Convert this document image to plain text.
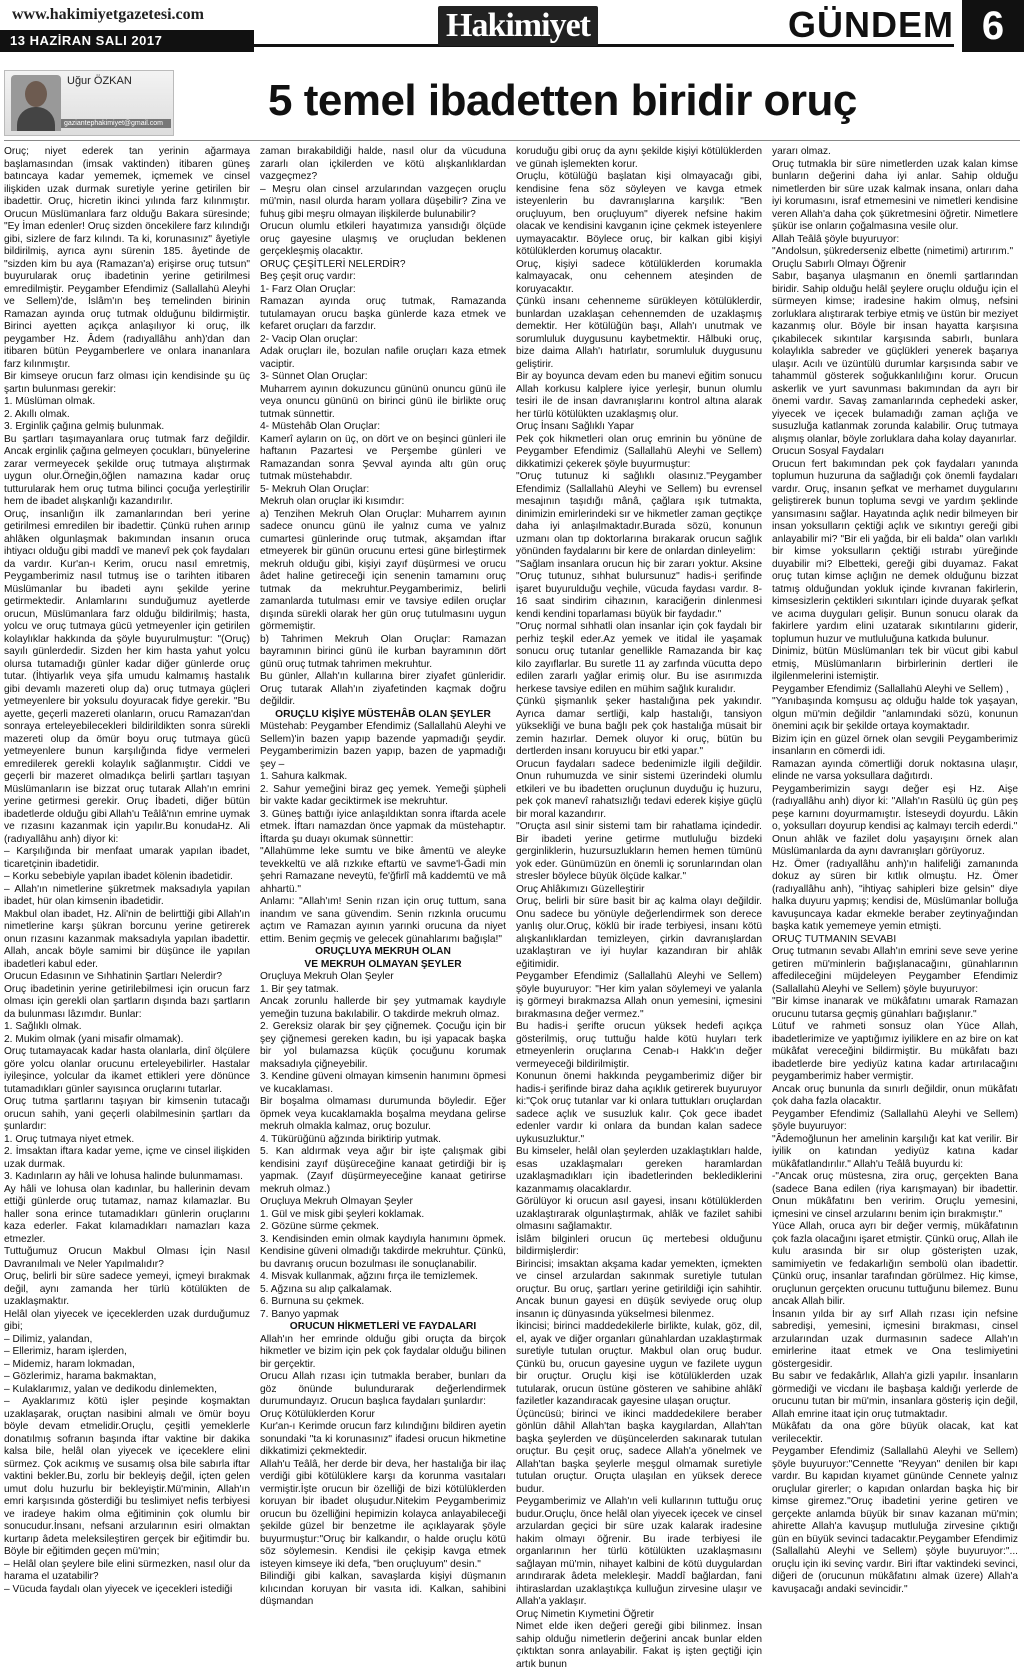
www.hakimiyetgazetesi.com
13 HAZİRAN SALI 2017	Hakimiyet	GÜNDEM 6
Uğur ÖZKAN
gaziantephakimiyet@gmail.com 5 temel ibadetten biridir oruç

Oruç; niyet ederek tan yerinin ağarmaya başlamasından (imsak vaktinden) itibaren güneş batıncaya kadar yememek, içmemek ve cinsel ilişkiden uzak durmak suretiyle yerine getirilen bir ibadettir. Oruç, hicretin ikinci yılında farz kılınmıştır. Orucun Müslümanlara farz olduğu Bakara süresinde; "Ey İman edenler! Oruç sizden öncekilere farz kılındığı gibi, sizlere de farz kılındı. Ta ki, korunasınız" âyetiyle bildirilmiş, ayrıca aynı sürenin 185. âyetinde de "sizden kim bu aya (Ramazan'a) erişirse oruç tutsun" buyurularak oruç ibadetinin yerine getirilmesi emredilmiştir. Peygamber Efendimiz (Sallallahü Aleyhi ve Sellem)'de, İslâm'ın beş temelinden birinin Ramazan ayında oruç tutmak olduğunu bildirmiştir. Birinci ayetten açıkça anlaşılıyor ki oruç, ilk peygamber Hz. Âdem (radıyallâhu anh)'dan dan itibaren bütün Peygamberlere ve onlara inananlara farz kılınmıştır.

Bir kimseye orucun farz olması için kendisinde şu üç şartın bulunması gerekir:

1. Müslüman olmak.

2. Akıllı olmak.

3. Erginlik çağına gelmiş bulunmak.

Bu şartları taşımayanlara oruç tutmak farz değildir. Ancak erginlik çağına gelmeyen çocukları, bünyelerine zarar vermeyecek şekilde oruç tutmaya alıştırmak uygun olur.Örneğin,öğlen namazına kadar oruç tutturularak hem oruç tutma bilinci çocuğa yerleştirilir hem de ibadet alışkanlığı kazandırılır.

Oruç, insanlığın ilk zamanlarından beri yerine getirilmesi emredilen bir ibadettir. Çünkü ruhen arınıp ahlâken olgunlaşmak bakımından insanın oruca ihtiyacı olduğu gibi maddî ve manevî pek çok faydaları da vardır. Kur'an-ı Kerim, orucu nasıl emretmiş, Peygamberimiz nasıl tutmuş ise o tarihten itibaren Müslümanlar bu ibadeti aynı şekilde yerine getirmektedir. Anlamlarını sunduğumuz ayetlerde orucun, Müslümanlara farz olduğu bildirilmiş; hasta, yolcu ve oruç tutmaya gücü yetmeyenler için getirilen kolaylıklar hakkında da şöyle buyurulmuştur: "(Oruç) sayılı günlerdedir. Sizden her kim hasta yahut yolcu olursa tutamadığı günler kadar diğer günlerde oruç tutar. (İhtiyarlık veya şifa umudu kalmamış hastalık gibi devamlı mazereti olup da) oruç tutmaya güçleri yetmeyenlere bir yoksulu doyuracak fidye gerekir. "Bu ayette, geçerli mazereti olanların, orucu Ramazan'dan sonraya erteleyebilecekleri bildirildikten sonra sürekli mazereti olup da ömür boyu oruç tutmaya gücü yetmeyenlere bunun karşılığında fidye vermeleri emredilerek gerekli kolaylık sağlanmıştır. Ciddi ve geçerli bir mazeret olmadıkça belirli şartları taşıyan Müslümanların ise bizzat oruç tutarak Allah'ın emrini yerine getirmesi gerekir. Oruç İbadeti, diğer bütün ibadetlerde olduğu gibi Allah'u Teâlâ'nın emrine uymak ve rızasını kazanmak için yapılır.Bu konudaHz. Ali (radıyallâhu anh) diyor ki:

– Karşılığında bir menfaat umarak yapılan ibadet, ticaretçinin ibadetidir.

– Korku sebebiyle yapılan ibadet kölenin ibadetidir.

– Allah'ın nimetlerine şükretmek maksadıyla yapılan ibadet, hür olan kimsenin ibadetidir.

Makbul olan ibadet, Hz. Ali'nin de belirttiği gibi Allah'ın nimetlerine karşı şükran borcunu yerine getirerek onun rızasını kazanmak maksadıyla yapılan ibadettir. Allah, ancak böyle samimi bir düşünce ile yapılan ibadetleri kabul eder.

Orucun Edasının ve Sıhhatinin Şartları Nelerdir?

Oruç ibadetinin yerine getirilebilmesi için orucun farz olması için gerekli olan şartların dışında bazı şartların da bulunması lâzımdır. Bunlar:

1. Sağlıklı olmak.

2. Mukim olmak (yani misafir olmamak).

Oruç tutamayacak kadar hasta olanlarla, dinî ölçülere göre yolcu olanlar orucunu erteleyebilirler. Hastalar iyileşince, yolcular da ikamet ettikleri yere dönünce tutamadıkları günler sayısınca oruçlarını tutarlar.

Oruç tutma şartlarını taşıyan bir kimsenin tutacağı orucun sahih, yani geçerli olabilmesinin şartları da şunlardır:

1. Oruç tutmaya niyet etmek.

2. İmsaktan iftara kadar yeme, içme ve cinsel ilişkiden uzak durmak.

3. Kadınların ay hâli ve lohusa halinde bulunmaması.

Ay hâli ve lohusa olan kadınlar, bu hallerinin devam ettiği günlerde oruç tutamaz, namaz kılamazlar. Bu haller sona erince tutamadıkları günlerin oruçlarını kaza ederler. Fakat kılamadıkları namazları kaza etmezler.

Tuttuğumuz Orucun Makbul Olması İçin Nasıl Davranılmalı ve Neler Yapılmalıdır?

Oruç, belirli bir süre sadece yemeyi, içmeyi bırakmak değil, aynı zamanda her türlü kötülükten de uzaklaşmaktır.

Helâl olan yiyecek ve içeceklerden uzak durduğumuz gibi;

– Dilimiz, yalandan,

– Ellerimiz, haram işlerden,

– Midemiz, haram lokmadan,

– Gözlerimiz, harama bakmaktan,

– Kulaklarımız, yalan ve dedikodu dinlemekten,

– Ayaklarımız kötü işler peşinde koşmaktan uzaklaşarak, oruçtan nasibini almalı ve ömür boyu böyle devam etmelidir.Oruçlu, çeşitli yemeklerle donatılmış sofranın başında iftar vaktine bir dakika kalsa bile, helâl olan yiyecek ve içeceklere elini sürmez. Çok acıkmış ve susamış olsa bile sabırla iftar vaktini bekler.Bu, zorlu bir bekleyiş değil, içten gelen umut dolu huzurlu bir bekleyiştir.Mü'minin, Allah'ın emri karşısında gösterdiği bu teslimiyet nefis terbiyesi ve iradeye hakim olma eğitiminin çok olumlu bir sonucudur.İnsanı, nefsani arzularının esiri olmaktan kurtarıp âdeta meleksileştiren gerçek bir eğitimdir bu. Böyle bir eğitimden geçen mü'min;

– Helâl olan şeylere bile elini sürmezken, nasıl olur da harama el uzatabilir?

– Vücuda faydalı olan yiyecek ve içecekleri istediği

zaman bırakabildiği halde, nasıl olur da vücuduna zararlı olan içkilerden ve kötü alışkanlıklardan vazgeçmez?

– Meşru olan cinsel arzularından vazgeçen oruçlu mü'min, nasıl olurda haram yollara düşebilir? Zina ve fuhuş gibi meşru olmayan ilişkilerde bulunabilir?

Orucun olumlu etkileri hayatımıza yansıdığı ölçüde oruç gayesine ulaşmış ve oruçludan beklenen gerçekleşmiş olacaktır.

ORUÇ ÇEŞİTLERİ NELERDİR?

Beş çeşit oruç vardır:

1- Farz Olan Oruçlar:

Ramazan ayında oruç tutmak, Ramazanda tutulamayan orucu başka günlerde kaza etmek ve kefaret oruçları da farzdır.

2- Vacip Olan oruçlar:

Adak oruçları ile, bozulan nafile oruçları kaza etmek vaciptir.

3- Sünnet Olan Oruçlar:

Muharrem ayının dokuzuncu gününü onuncu günü ile veya onuncu gününü on birinci günü ile birlikte oruç tutmak sünnettir.

4- Müstehâb Olan Oruçlar:

Kamerî ayların on üç, on dört ve on beşinci günleri ile haftanın Pazartesi ve Perşembe günleri ve Ramazandan sonra Şevval ayında altı gün oruç tutmak müstehabdır.

5- Mekruh Olan Oruçlar:

Mekruh olan oruçlar iki kısımdır:

a) Tenzihen Mekruh Olan Oruçlar: Muharrem ayının sadece onuncu günü ile yalnız cuma ve yalnız cumartesi günlerinde oruç tutmak, akşamdan iftar etmeyerek bir günün orucunu ertesi güne birleştirmek mekruh olduğu gibi, kişiyi zayıf düşürmesi ve orucu âdet haline getireceği için senenin tamamını oruç tutmak da mekruhtur.Peygamberimiz, belirli zamanlarda tutulması emir ve tavsiye edilen oruçlar dışında sürekli olarak her gün oruç tutulmasını uygun görmemiştir.

b) Tahrimen Mekruh Olan Oruçlar: Ramazan bayramının birinci günü ile kurban bayramının dört günü oruç tutmak tahrimen mekruhtur.

Bu günler, Allah'ın kullarına birer ziyafet günleridir. Oruç tutarak Allah'ın ziyafetinden kaçmak doğru değildir.

ORUÇLU KİŞİYE MÜSTEHÂB OLAN ŞEYLER

Müstehab: Peygamber Efendimiz (Sallallahü Aleyhi ve Sellem)'in bazen yapıp bazende yapmadığı şeydir. Peygamberimizin bazen yapıp, bazen de yapmadığı şey –

1. Sahura kalkmak.

2. Sahur yemeğini biraz geç yemek. Yemeği şüpheli bir vakte kadar geciktirmek ise mekruhtur.

3. Güneş battığı iyice anlaşıldıktan sonra iftarda acele etmek. İftarı namazdan önce yapmak da müstehaptır. İftarda şu duayı okumak sünnettir:

"Allahümme leke sumtu ve bike âmentü ve aleyke tevekkeltü ve alâ rızkıke eftartü ve savme'l-Ğadi min şehri Ramazane neveytü, fe'ğfirlî mâ kaddemtü ve mâ ahhartü."

Anlamı: "Allah'ım! Senin rızan için oruç tuttum, sana inandım ve sana güvendim. Senin rızkınla orucumu açtım ve Ramazan ayının yarınki orucuna da niyet ettim. Benim geçmiş ve gelecek günahlarımı bağışla!"

ORUÇLUYA MEKRUH OLAN

VE MEKRUH OLMAYAN ŞEYLER

Oruçluya Mekruh Olan Şeyler

1. Bir şey tatmak.

Ancak zorunlu hallerde bir şey yutmamak kaydıyle yemeğin tuzuna bakılabilir. O takdirde mekruh olmaz.

2. Gereksiz olarak bir şey çiğnemek. Çocuğu için bir şey çiğnemesi gereken kadın, bu işi yapacak başka bir yol bulamazsa küçük çocuğunu korumak maksadıyla çiğneyebilir.

3. Kendine güveni olmayan kimsenin hanımını öpmesi ve kucaklaması.

Bir boşalma olmaması durumunda böyledir. Eğer öpmek veya kucaklamakla boşalma meydana gelirse mekruh olmakla kalmaz, oruç bozulur.

4. Tükürüğünü ağzında biriktirip yutmak.

5. Kan aldırmak veya ağır bir işte çalışmak gibi kendisini zayıf düşüreceğine kanaat getirdiği bir iş yapmak. (Zayıf düşürmeyeceğine kanaat getirirse mekruh olmaz.)

Oruçluya Mekruh Olmayan Şeyler

1. Gül ve misk gibi şeyleri koklamak.

2. Gözüne sürme çekmek.

3. Kendisinden emin olmak kaydıyla hanımını öpmek. Kendisine güveni olmadığı takdirde mekruhtur. Çünkü, bu davranış orucun bozulması ile sonuçlanabilir.

4. Misvak kullanmak, ağzını fırça ile temizlemek.

5. Ağzına su alıp çalkalamak.

6. Burnuna su çekmek.

7. Banyo yapmak

ORUCUN HİKMETLERİ VE FAYDALARI

Allah'ın her emrinde olduğu gibi oruçta da birçok hikmetler ve bizim için pek çok faydalar olduğu bilinen bir gerçektir.

Orucu Allah rızası için tutmakla beraber, bunları da göz önünde bulundurarak değerlendirmek durumundayız. Orucun başlıca faydaları şunlardır:

Oruç Kötülüklerden Korur

Kur'an-ı Kerimde orucun farz kılındığını bildiren ayetin sonundaki "ta ki korunasınız" ifadesi orucun hikmetine dikkatimizi çekmektedir.

Allah'u Teâlâ, her derde bir deva, her hastalığa bir ilaç verdiği gibi kötülüklere karşı da korunma vasıtaları vermiştir.İşte orucun bir özelliği de bizi kötülüklerden koruyan bir ibadet oluşudur.Nitekim Peygamberimiz orucun bu özelliğini hepimizin kolayca anlayabileceği şekilde güzel bir benzetme ile açıklayarak şöyle buyurmuştur:"Oruç bir kalkandır, o halde oruçlu kötü söz söylemesin. Kendisi ile çekişip kavga etmek isteyen kimseye iki defa, "ben oruçluyum" desin."

Bilindiği gibi kalkan, savaşlarda kişiyi düşmanın kılıcından koruyan bir vasıta idi. Kalkan, sahibini düşmandan

koruduğu gibi oruç da aynı şekilde kişiyi kötülüklerden ve günah işlemekten korur.

Oruçlu, kötülüğü başlatan kişi olmayacağı gibi, kendisine fena söz söyleyen ve kavga etmek isteyenlerin bu davranışlarına karşılık: "Ben oruçluyum, ben oruçluyum" diyerek nefsine hakim olacak ve kendisini kavganın içine çekmek isteyenlere uymayacaktır. Böylece oruç, bir kalkan gibi kişiyi kötülüklerden korumuş olacaktır.

Oruç, kişiyi sadece kötülüklerden korumakla kalmayacak, onu cehennem ateşinden de koruyacaktır.

Çünkü insanı cehenneme sürükleyen kötülüklerdir, bunlardan uzaklaşan cehennemden de uzaklaşmış demektir. Her kötülüğün başı, Allah'ı unutmak ve sorumluluk duygusunu kaybetmektir. Hâlbuki oruç, bize daima Allah'ı hatırlatır, sorumluluk duygusunu geliştirir.

Bir ay boyunca devam eden bu manevi eğitim sonucu Allah korkusu kalplere iyice yerleşir, bunun olumlu tesiri ile de insan davranışlarını kontrol altına alarak her türlü kötülükten uzaklaşmış olur.

Oruç İnsanı Sağlıklı Yapar

Pek çok hikmetleri olan oruç emrinin bu yönüne de Peygamber Efendimiz (Sallallahü Aleyhi ve Sellem) dikkatimizi çekerek şöyle buyurmuştur:

"Oruç tutunuz ki sağlıklı olasınız."Peygamber Efendimiz (Sallallahü Aleyhi ve Sellem) bu evrensel mesajının taşıdığı mânâ, çağlara ışık tutmakta, dinimizin emirlerindeki sır ve hikmetler zaman geçtikçe daha iyi anlaşılmaktadır.Burada sözü, konunun uzmanı olan tıp doktorlarına bırakarak orucun sağlık yönünden faydalarını bir kere de onlardan dinleyelim:

"Sağlam insanlara orucun hiç bir zararı yoktur. Aksine "Oruç tutunuz, sıhhat bulursunuz" hadis-i şerifinde işaret buyurulduğu veçhile, vücuda faydası vardır. 8-16 saat sindirim cihazının, karaciğerin dinlenmesi kendi kendini toparlaması büyük bir faydadır."

"Oruç normal sıhhatli olan insanlar için çok faydalı bir perhiz teşkil eder.Az yemek ve itidal ile yaşamak sonucu oruç tutanlar genellikle Ramazanda bir kaç kilo zayıflarlar. Bu suretle 11 ay zarfında vücutta depo edilen zararlı yağlar erimiş olur. Bu ise asırımızda herkese tavsiye edilen en mühim sağlık kuralıdır.

Çünkü şişmanlık şeker hastalığına pek yakındır. Ayrıca damar sertliği, kalp hastalığı, tansiyon yüksekliği ve buna bağlı pek çok hastalığa müsait bir zemin hazırlar. Demek oluyor ki oruç, bütün bu dertlerden insanı koruyucu bir etki yapar."

Orucun faydaları sadece bedenimizle ilgili değildir. Onun ruhumuzda ve sinir sistemi üzerindeki olumlu etkileri ve bu ibadetten oruçlunun duyduğu iç huzuru, pek çok manevî rahatsızlığı tedavi ederek kişiye güçlü bir moral kazandırır.

"Oruçta asıl sinir sistemi tam bir rahatlama içindedir. Bir ibadeti yerine getirme mutluluğu bizdeki gerginliklerin, huzursuzlukların hemen hemen tümünü yok eder. Günümüzün en önemli iç sorunlarından olan stresler böylece büyük ölçüde kalkar."

Oruç Ahlâkımızı Güzelleştirir

Oruç, belirli bir süre basit bir aç kalma olayı değildir. Onu sadece bu yönüyle değerlendirmek son derece yanlış olur.Oruç, köklü bir irade terbiyesi, insanı kötü alışkanlıklardan temizleyen, çirkin davranışlardan uzaklaştıran ve iyi huylar kazandıran bir ahlâk eğitimidir.

Peygamber Efendimiz (Sallallahü Aleyhi ve Sellem) şöyle buyuruyor: "Her kim yalan söylemeyi ve yalanla iş görmeyi bırakmazsa Allah onun yemesini, içmesini bırakmasına değer vermez."

Bu hadis-i şerifte orucun yüksek hedefi açıkça gösterilmiş, oruç tuttuğu halde kötü huyları terk etmeyenlerin oruçlarına Cenab-ı Hakk'ın değer vermeyeceği bildirilmiştir.

Konunun önemi hakkında peygamberimiz diğer bir hadis-i şerifinde biraz daha açıklık getirerek buyuruyor ki:"Çok oruç tutanlar var ki onlara tuttukları oruçlardan sadece açlık ve susuzluk kalır. Çok gece ibadet edenler vardır ki onlara da bundan kalan sadece uykusuzluktur."

Bu kimseler, helâl olan şeylerden uzaklaştıkları halde, esas uzaklaşmaları gereken haramlardan uzaklaşmadıkları için ibadetlerinden beklediklerini kazanmamış olacaklardır.

Görülüyor ki orucun asıl gayesi, insanı kötülüklerden uzaklaştırarak olgunlaştırmak, ahlâk ve fazilet sahibi olmasını sağlamaktır.

İslâm bilginleri orucun üç mertebesi olduğunu bildirmişlerdir:

Birincisi; imsaktan akşama kadar yemekten, içmekten ve cinsel arzulardan sakınmak suretiyle tutulan oruçtur. Bu oruç, şartları yerine getirildiği için sahihtir. Ancak bunun gayesi en düşük seviyede oruç olup insanın iç dünyasında yükselmesi bilenmez.

İkincisi; birinci maddedekilerle birlikte, kulak, göz, dil, el, ayak ve diğer organları günahlardan uzaklaştırmak suretiyle tutulan oruçtur. Makbul olan oruç budur. Çünkü bu, orucun gayesine uygun ve fazilete uygun bir oruçtur. Oruçlu kişi ise kötülüklerden uzak tutularak, orucun üstüne gösteren ve sahibine ahlâkî faziletler kazandıracak gayesine ulaşan oruçtur.

Üçüncüsü; birinci ve ikinci maddedekilere beraber gönlün dâhil Allah'tan başka kaygılardan, Allah'tan başka şeylerden ve düşüncelerden sakınarak tutulan oruçtur. Bu çeşit oruç, sadece Allah'a yönelmek ve Allah'tan başka şeylerle meşgul olmamak suretiyle tutulan oruçtur. Oruçta ulaşılan en yüksek derece budur.

Peygamberimiz ve Allah'ın veli kullarının tuttuğu oruç budur.Oruçlu, önce helâl olan yiyecek içecek ve cinsel arzulardan geçici bir süre uzak kalarak iradesine hakim olmayı öğrenir. Bu irade terbiyesi ile organlarının her türlü kötülükten uzaklaşmasını sağlayan mü'min, nihayet kalbini de kötü duygulardan arındırarak âdeta melekleşir. Maddî bağlardan, fani ihtiraslardan uzaklaştıkça kulluğun zirvesine ulaşır ve Allah'a yaklaşır.

Oruç Nimetin Kıymetini Öğretir

Nimet elde iken değeri gereği gibi bilinmez. İnsan sahip olduğu nimetlerin değerini ancak bunlar elden çıktıktan sonra anlayabilir. Fakat iş işten geçtiği için artık bunun

yararı olmaz.

Oruç tutmakla bir süre nimetlerden uzak kalan kimse bunların değerini daha iyi anlar. Sahip olduğu nimetlerden bir süre uzak kalmak insana, onları daha iyi korumasını, israf etmemesini ve nimetleri kendisine veren Allah'a daha çok şükretmesini öğretir. Nimetlere şükür ise onların çoğalmasına vesile olur.

Allah Teâlâ şöyle buyuruyor:

"Andolsun, şükrederseniz elbette (nimetimi) artırırım."

Oruçlu Sabırlı Olmayı Öğrenir

Sabır, başanya ulaşmanın en önemli şartlarından biridir. Sahip olduğu helâl şeylere oruçlu olduğu için el sürmeyen kimse; iradesine hakim olmuş, nefsini zorluklara alıştırarak terbiye etmiş ve üstün bir meziyet kazanmış olur. Böyle bir insan hayatta karşısına çıkabilecek sıkıntılar karşısında sabırlı, bunlara kolaylıkla sabreder ve güçlükleri yenerek başarıya ulaşır. Acılı ve üzüntülü durumlar karşısında sabır ve tahammül gösterek soğukkanlılığını korur. Orucun askerlik ve yurt savunması bakımından da ayrı bir önemi vardır. Savaş zamanlarında cephedeki asker, yiyecek ve içecek bulamadığı zaman açlığa ve susuzluğa katlanmak zorunda kalabilir. Oruç tutmaya alışmış olanlar, böyle zorluklara daha kolay dayanırlar.

Orucun Sosyal Faydaları

Orucun fert bakımından pek çok faydaları yanında toplumun huzuruna da sağladığı çok önemli faydaları vardır. Oruç, insanın şefkat ve merhamet duygularını geliştirerek bunun topluma sevgi ve yardım şeklinde yansımasını sağlar. Hayatında açlık nedir bilmeyen bir insan yoksulların çektiği açlık ve sıkıntıyı gereği gibi anlayabilir mi? "Bir eli yağda, bir eli balda" olan varlıklı bir kimse yoksulların çektiği ıstırabı yüreğinde duyabilir mi? Elbetteki, gereği gibi duyamaz. Fakat oruç tutan kimse açlığın ne demek olduğunu bizzat tatmış olduğundan yokluk içinde kıvranan fakirlerin, kimsesizlerin çektikleri sıkıntıları içinde duyarak şefkat ve acıma duyguları gelişir. Bunun sonucu olarak da fakirlere yardım elini uzatarak sıkıntılarını giderir, toplumun huzur ve mutluluğuna katkıda bulunur.

Dinimiz, bütün Müslümanları tek bir vücut gibi kabul etmiş, Müslümanların birbirlerinin dertleri ile ilgilenmelerini istemiştir.

Peygamber Efendimiz (Sallallahü Aleyhi ve Sellem) ,

"Yanıbaşında komşusu aç olduğu halde tok yaşayan, olgun mü'min değildir "anlamındaki sözü, konunun önemini açık bir şekilde ortaya koymaktadır.

Bizim için en güzel örnek olan sevgili Peygamberimiz insanların en cömerdi idi.

Ramazan ayında cömertliği doruk noktasına ulaşır, elinde ne varsa yoksullara dağıtırdı.

Peygamberimizin saygı değer eşi Hz. Aişe (radıyallâhu anh) diyor ki: "Allah'ın Rasülü üç gün peş peşe karnını doyurmamıştır. İsteseydi doyurdu. Lâkin o, yoksulları doyurup kendisi aç kalmayı tercih ederdi."

Onun ahlâk ve fazilet dolu yaşayışını örnek alan Müslümanlarda da aynı davranışları görüyoruz.

Hz. Ömer (radıyallâhu anh)'ın halifeliği zamanında dokuz ay süren bir kıtlık olmuştu. Hz. Ömer (radıyallâhu anh), "ihtiyaç sahipleri bize gelsin" diye halka duyuru yapmış; kendisi de, Müslümanlar bolluğa kavuşuncaya kadar ekmekle beraber zeytinyağından başka katık yememeye yemin etmişti.

ORUÇ TUTMANIN SEVABI

Oruç tutmanın sevabı Allah'ın emrini seve seve yerine getiren mü'minlerin bağışlanacağını, günahlarının affedileceğini müjdeleyen Peygamber Efendimiz (Sallallahü Aleyhi ve Sellem) şöyle buyuruyor:

"Bir kimse inanarak ve mükâfatını umarak Ramazan orucunu tutarsa geçmiş günahları bağışlanır."

Lütuf ve rahmeti sonsuz olan Yüce Allah, ibadetlerimize ve yaptığımız iyiliklere en az bire on kat mükâfat vereceğini bildirmiştir. Bu mükâfatı bazı ibadetlerde bire yediyüz katına kadar artırılacağını peygamberimiz haber vermiştir.

Ancak oruç bununla da sınırlı değildir, onun mükâfatı çok daha fazla olacaktır.

Peygamber Efendimiz (Sallallahü Aleyhi ve Sellem) şöyle buyuruyor:

"Âdemoğlunun her amelinin karşılığı kat kat verilir. Bir iyilik on katından yediyüz katına kadar mükâfatlandırılır." Allah'u Teâlâ buyurdu ki:

-"Ancak oruç müstesna, zira oruç, gerçekten Bana (sadece Bana edilen (riya karışmayan) bir ibadettir. Onun mükâfatını ben veririm. Oruçlu yemesini, içmesini ve cinsel arzularını benim için bırakmıştır."

Yüce Allah, oruca ayrı bir değer vermiş, mükâfatının çok fazla olacağını işaret etmiştir. Çünkü oruç, Allah ile kulu arasında bir sır olup gösterişten uzak, samimiyetin ve fedakarlığın sembolü olan ibadettir. Çünkü oruç, insanlar tarafından görülmez. Hiç kimse, oruçlunun gerçekten orucunu tuttuğunu bilemez. Bunu ancak Allah bilir.

İnsanın yılda bir ay sırf Allah rızası için nefsine sabredişi, yemesini, içmesini bırakması, cinsel arzularından uzak durmasının sadece Allah'ın emirlerine itaat etmek ve Ona teslimiyetini göstergesidir.

Bu sabır ve fedakârlık, Allah'a gizli yapılır. İnsanların görmediği ve vicdanı ile başbaşa kaldığı yerlerde de orucunu tutan bir mü'min, insanlara gösteriş için değil, Allah emrine itaat için oruç tutmaktadır.

Mükâfatı da ona göre büyük olacak, kat kat verilecektir.

Peygamber Efendimiz (Sallallahü Aleyhi ve Sellem) şöyle buyuruyor:"Cennette "Reyyan" denilen bir kapı vardır. Bu kapıdan kıyamet gününde Cennete yalnız oruçlular girerler; o kapıdan onlardan başka hiç bir kimse giremez."Oruç ibadetini yerine getiren ve gerçekte anlamda büyük bir sınav kazanan mü'min; ahirette Allah'a kavuşup mutluluğa zirvesine çıktığı gün en büyük sevinci tadacaktır.Peygamber Efendimiz (Sallallahü Aleyhi ve Sellem) şöyle buyuruyor:"... oruçlu için iki sevinç vardır. Biri iftar vaktindeki sevinci, diğeri de (orucunun mükâfatını almak üzere) Allah'a kavuşacağı andaki sevincidir."
